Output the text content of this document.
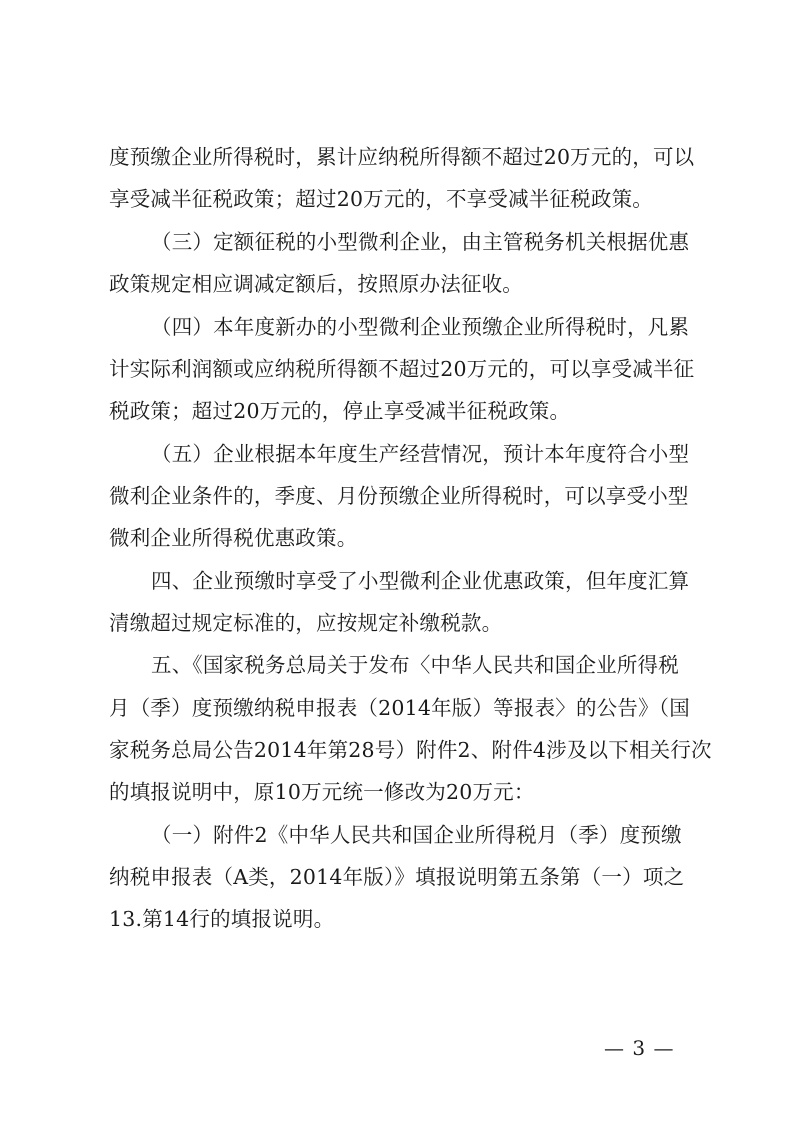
度预缴企业所得税时，累计应纳税所得额不超过20万元的，可以
享受减半征税政策；超过20万元的，不享受减半征税政策。
（三）定额征税的小型微利企业，由主管税务机关根据优惠
政策规定相应调减定额后，按照原办法征收。
（四）本年度新办的小型微利企业预缴企业所得税时，凡累
计实际利润额或应纳税所得额不超过20万元的，可以享受减半征
税政策；超过20万元的，停止享受减半征税政策。
（五）企业根据本年度生产经营情况，预计本年度符合小型
微利企业条件的，季度、月份预缴企业所得税时，可以享受小型
微利企业所得税优惠政策。
四、企业预缴时享受了小型微利企业优惠政策，但年度汇算
清缴超过规定标准的，应按规定补缴税款。
五、《国家税务总局关于发布〈中华人民共和国企业所得税
月（季）度预缴纳税申报表（2014年版）等报表〉的公告》（国
家税务总局公告2014年第28号）附件2、附件4涉及以下相关行次
的填报说明中，原10万元统一修改为20万元：
（一）附件2《中华人民共和国企业所得税月（季）度预缴
纳税申报表（A类，2014年版）》填报说明第五条第（一）项之
13.第14行的填报说明。
— 3 —
